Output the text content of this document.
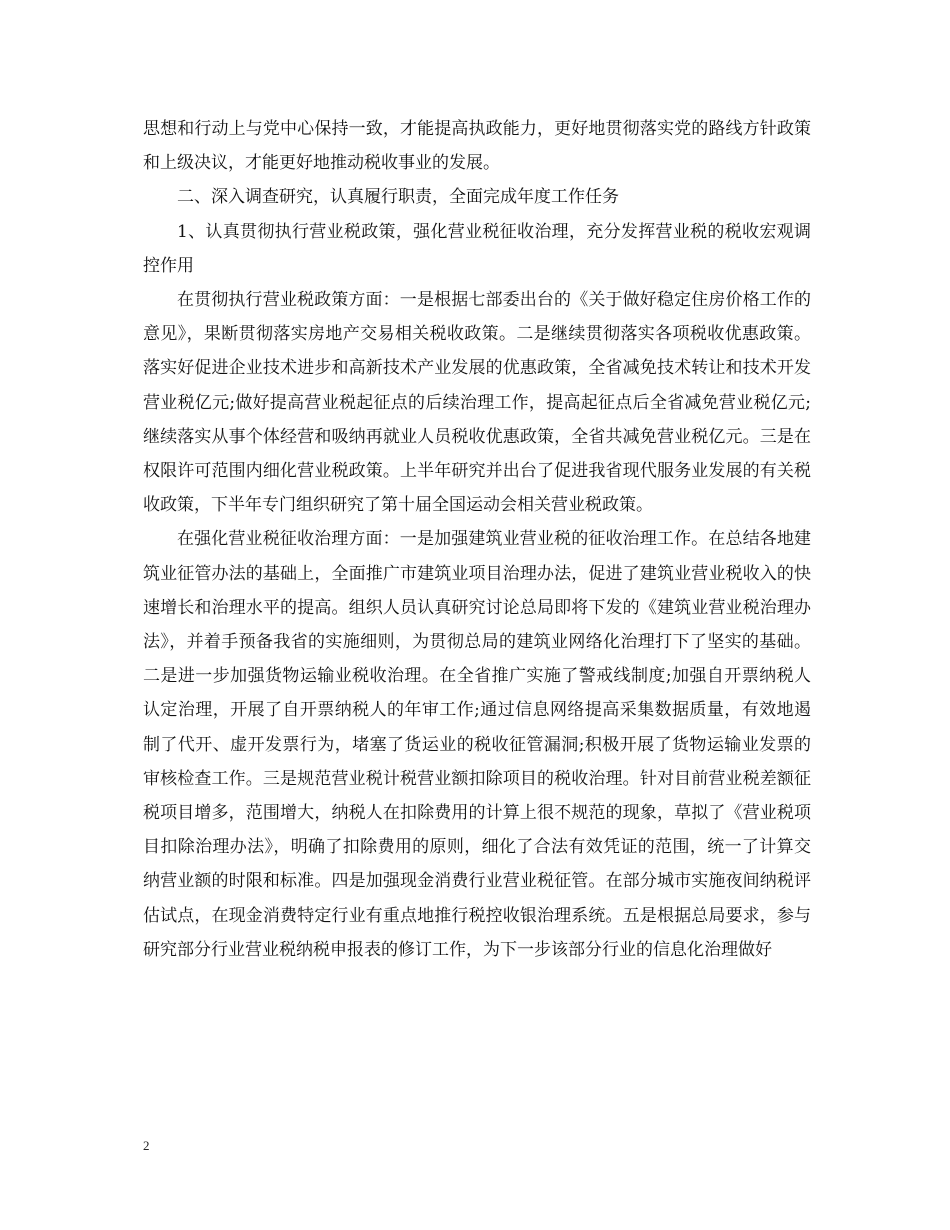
思想和行动上与党中心保持一致，才能提高执政能力，更好地贯彻落实党的路线方针政策和上级决议，才能更好地推动税收事业的发展。

二、深入调查研究，认真履行职责，全面完成年度工作任务

1、认真贯彻执行营业税政策，强化营业税征收治理，充分发挥营业税的税收宏观调控作用

在贯彻执行营业税政策方面：一是根据七部委出台的《关于做好稳定住房价格工作的意见》，果断贯彻落实房地产交易相关税收政策。二是继续贯彻落实各项税收优惠政策。落实好促进企业技术进步和高新技术产业发展的优惠政策，全省减免技术转让和技术开发营业税亿元;做好提高营业税起征点的后续治理工作，提高起征点后全省减免营业税亿元;继续落实从事个体经营和吸纳再就业人员税收优惠政策，全省共减免营业税亿元。三是在权限许可范围内细化营业税政策。上半年研究并出台了促进我省现代服务业发展的有关税收政策，下半年专门组织研究了第十届全国运动会相关营业税政策。

在强化营业税征收治理方面：一是加强建筑业营业税的征收治理工作。在总结各地建筑业征管办法的基础上，全面推广市建筑业项目治理办法，促进了建筑业营业税收入的快速增长和治理水平的提高。组织人员认真研究讨论总局即将下发的《建筑业营业税治理办法》，并着手预备我省的实施细则，为贯彻总局的建筑业网络化治理打下了坚实的基础。二是进一步加强货物运输业税收治理。在全省推广实施了警戒线制度;加强自开票纳税人认定治理，开展了自开票纳税人的年审工作;通过信息网络提高采集数据质量，有效地遏制了代开、虚开发票行为，堵塞了货运业的税收征管漏洞;积极开展了货物运输业发票的审核检查工作。三是规范营业税计税营业额扣除项目的税收治理。针对目前营业税差额征税项目增多，范围增大，纳税人在扣除费用的计算上很不规范的现象，草拟了《营业税项目扣除治理办法》，明确了扣除费用的原则，细化了合法有效凭证的范围，统一了计算交纳营业额的时限和标准。四是加强现金消费行业营业税征管。在部分城市实施夜间纳税评估试点，在现金消费特定行业有重点地推行税控收银治理系统。五是根据总局要求，参与研究部分行业营业税纳税申报表的修订工作，为下一步该部分行业的信息化治理做好

2
